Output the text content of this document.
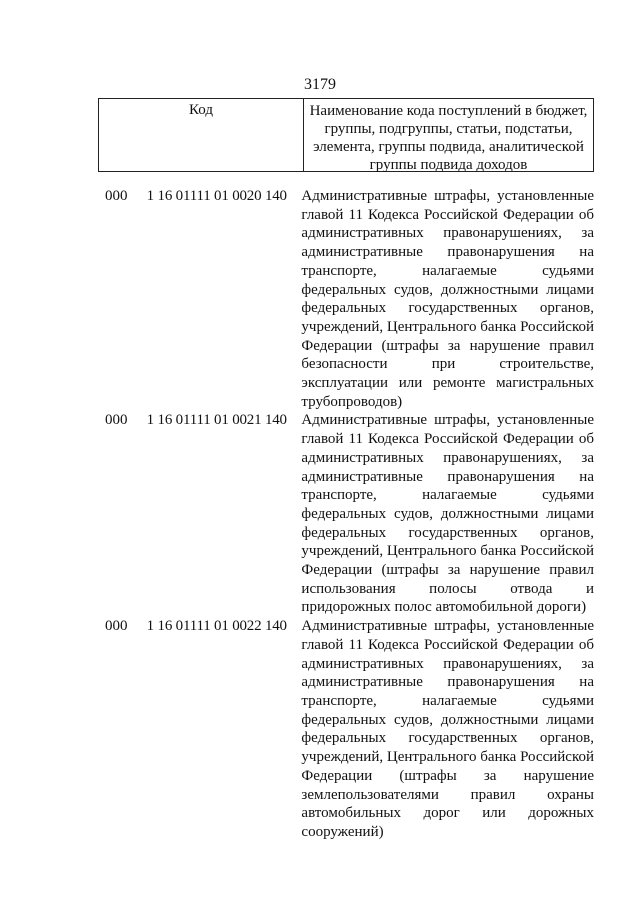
3179
Код	Наименование кода поступлений в бюджет, группы, подгруппы, статьи, подстатьи, элемента, группы подвида, аналитической группы подвида доходов
000	1 16 01111 01 0020 140 Административные штрафы, установленные
главой 11 Кодекса Российской Федерации об
административных правонарушениях, за
административные правонарушения на
транспорте, налагаемые судьями
федеральных судов, должностными лицами
федеральных государственных органов,
учреждений, Центрального банка Российской
Федерации (штрафы за нарушение правил
безопасности при строительстве,
эксплуатации или ремонте магистральных
трубопроводов)
000	1 16 01111 01 0021 140 Административные штрафы, установленные
главой 11 Кодекса Российской Федерации об
административных правонарушениях, за
административные правонарушения на
транспорте, налагаемые судьями
федеральных судов, должностными лицами
федеральных государственных органов,
учреждений, Центрального банка Российской
Федерации (штрафы за нарушение правил
использования полосы отвода и
придорожных полос автомобильной дороги)
000	1 16 01111 01 0022 140 Административные штрафы, установленные
главой 11 Кодекса Российской Федерации об
административных правонарушениях, за
административные правонарушения на
транспорте, налагаемые судьями
федеральных судов, должностными лицами
федеральных государственных органов,
учреждений, Центрального банка Российской
Федерации (штрафы за нарушение
землепользователями правил охраны
автомобильных дорог или дорожных
сооружений)
